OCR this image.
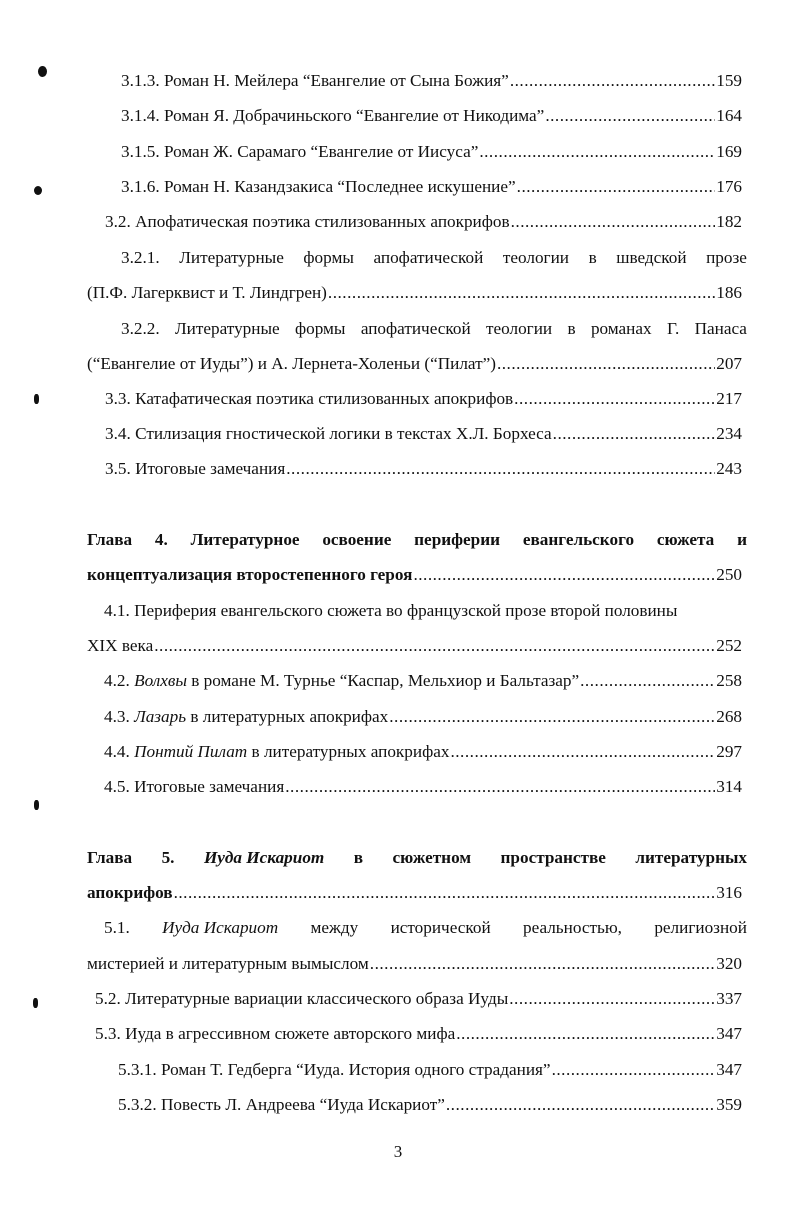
3.1.3. Роман Н. Мейлера “Евангелие от Сына Божия” .....	159
3.1.4. Роман Я. Добрачиньского “Евангелие от Никодима” .....	164
3.1.5. Роман Ж. Сарамаго “Евангелие от Иисуса” .....	169
3.1.6. Роман Н. Казандзакиса “Последнее искушение” .....	176
3.2. Апофатическая поэтика стилизованных апокрифов .....	182
3.2.1. Литературные формы апофатической теологии в шведской прозе
(П.Ф. Лагерквист и Т. Линдгрен) .....	186
3.2.2. Литературные формы апофатической теологии в романах Г. Панаса
(“Евангелие от Иуды”) и А. Лернета-Холеньи (“Пилат”) .....	207
3.3. Катафатическая поэтика стилизованных апокрифов .....	217
3.4. Стилизация гностической логики в текстах Х.Л. Борхеса .....	234
3.5. Итоговые замечания .....	243
Глава 4. Литературное освоение периферии евангельского сюжета и
концептуализация второстепенного героя .....	250
4.1. Периферия евангельского сюжета во французской прозе второй половины
XIX века .....	252
4.2. Волхвы в романе М. Турнье “Каспар, Мельхиор и Бальтазар” .....	258
4.3. Лазарь в литературных апокрифах .....	268
4.4. Понтий Пилат в литературных апокрифах .....	297
4.5. Итоговые замечания .....	314
Глава 5. Иуда Искариот в сюжетном пространстве литературных
апокрифов .....	316
5.1. Иуда Искариот между исторической реальностью, религиозной
мистерией и литературным вымыслом .....	320
5.2. Литературные вариации классического образа Иуды .....	337
5.3. Иуда в агрессивном сюжете авторского мифа .....	347
5.3.1. Роман Т. Гедберга “Иуда. История одного страдания” .....	347
5.3.2. Повесть Л. Андреева “Иуда Искариот” .....	359
3
